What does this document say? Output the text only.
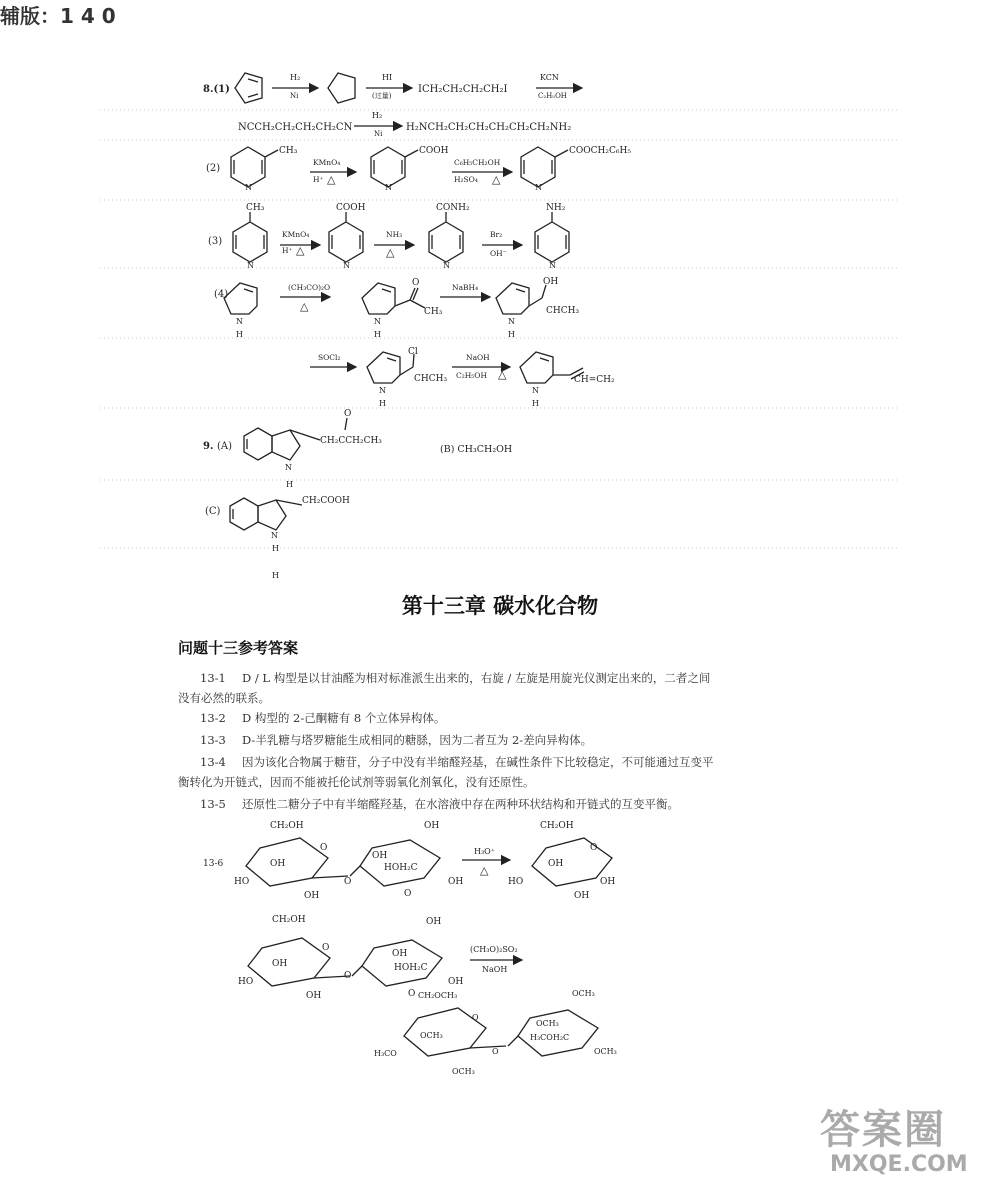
辅版：1 4 0
8.(1)
H₂
Ni
HI
(过量)
ICH₂CH₂CH₂CH₂I
KCN
C₂H₅OH
NCCH₂CH₂CH₂CH₂CN
H₂
Ni
H₂NCH₂CH₂CH₂CH₂CH₂CH₂NH₂
(2)
N
CH₃
KMnO₄
H⁺ △
N
COOH
C₆H₅CH₂OH
H₂SO₄ △
N
COOCH₂C₆H₅
(3)
CH₃
N
KMnO₄
H⁺ △
COOH
N
NH₃
△
CONH₂
N
Br₂
OH⁻
NH₂
N
(4)
N
H
(CH₃CO)₂O
△
N
H
O
CH₃
NaBH₄
N
H
OH
CHCH₃
SOCl₂
N
H
Cl
CHCH₃
NaOH
C₂H₅OH △
N
H
CH=CH₂
9. (A)	CH₂CCH₂CH₃
O
N
H
(B) CH₃CH₂OH
(C)
CH₂COOH
N
H
H
第十三章 碳水化合物
问题十三参考答案
13-1 D / L 构型是以甘油醛为相对标准派生出来的，右旋 / 左旋是用旋光仪测定出来的，二者之间
没有必然的联系。
13-2 D 构型的 2-己酮糖有 8 个立体异构体。
13-3 D-半乳糖与塔罗糖能生成相同的糖脎，因为二者互为 2-差向异构体。
13-4 因为该化合物属于糖苷，分子中没有半缩醛羟基，在碱性条件下比较稳定，不可能通过互变平
衡转化为开链式，因而不能被托伦试剂等弱氧化剂氧化，没有还原性。
13-5 还原性二糖分子中有半缩醛羟基，在水溶液中存在两种环状结构和开链式的互变平衡。
13-6
CH₂OH
O
OH
HO
OH
O
OH
HOH₂C
OH
O
OH
H₃O⁺
△
CH₂OH
O
OH
HO	OH
OH
CH₂OH
O
OH
HO
OH
O
OH
HOH₂C
OH
O
OH
(CH₃O)₂SO₂
NaOH
CH₂OCH₃
O
OCH₃
H₃CO
OCH₃
O
OCH₃
H₃COH₂C
OCH₃
OCH₃
答案圈
MXQE.COM
